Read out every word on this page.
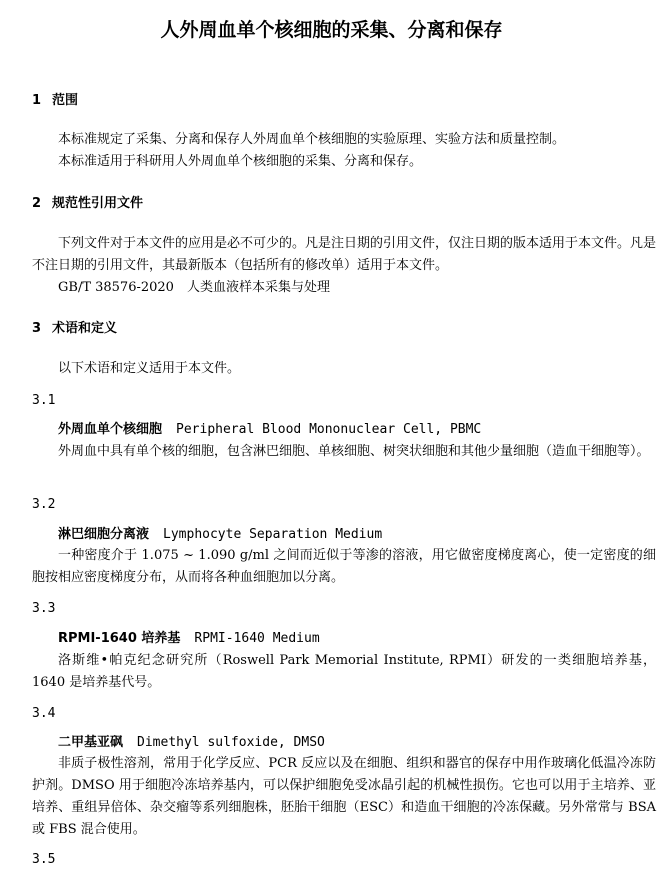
人外周血单个核细胞的采集、分离和保存
1 范围

本标准规定了采集、分离和保存人外周血单个核细胞的实验原理、实验方法和质量控制。

本标准适用于科研用人外周血单个核细胞的采集、分离和保存。

2 规范性引用文件

下列文件对于本文件的应用是必不可少的。凡是注日期的引用文件，仅注日期的版本适用于本文件。凡是不注日期的引用文件，其最新版本（包括所有的修改单）适用于本文件。

GB/T 38576-2020　人类血液样本采集与处理

3 术语和定义

以下术语和定义适用于本文件。

3.1
外周血单个核细胞 Peripheral Blood Mononuclear Cell, PBMC

外周血中具有单个核的细胞，包含淋巴细胞、单核细胞、树突状细胞和其他少量细胞（造血干细胞等）。

3.2
淋巴细胞分离液 Lymphocyte Separation Medium

一种密度介于 1.075 ~ 1.090 g/ml 之间而近似于等渗的溶液，用它做密度梯度离心，使一定密度的细胞按相应密度梯度分布，从而将各种血细胞加以分离。

3.3
RPMI-1640 培养基 RPMI-1640 Medium

洛斯维•帕克纪念研究所（Roswell Park Memorial Institute, RPMI）研发的一类细胞培养基，1640 是培养基代号。

3.4
二甲基亚砜 Dimethyl sulfoxide, DMSO

非质子极性溶剂，常用于化学反应、PCR 反应以及在细胞、组织和器官的保存中用作玻璃化低温冷冻防护剂。DMSO 用于细胞冷冻培养基内，可以保护细胞免受冰晶引起的机械性损伤。它也可以用于主培养、亚培养、重组异倍体、杂交瘤等系列细胞株，胚胎干细胞（ESC）和造血干细胞的冷冻保藏。另外常常与 BSA 或 FBS 混合使用。

3.5
